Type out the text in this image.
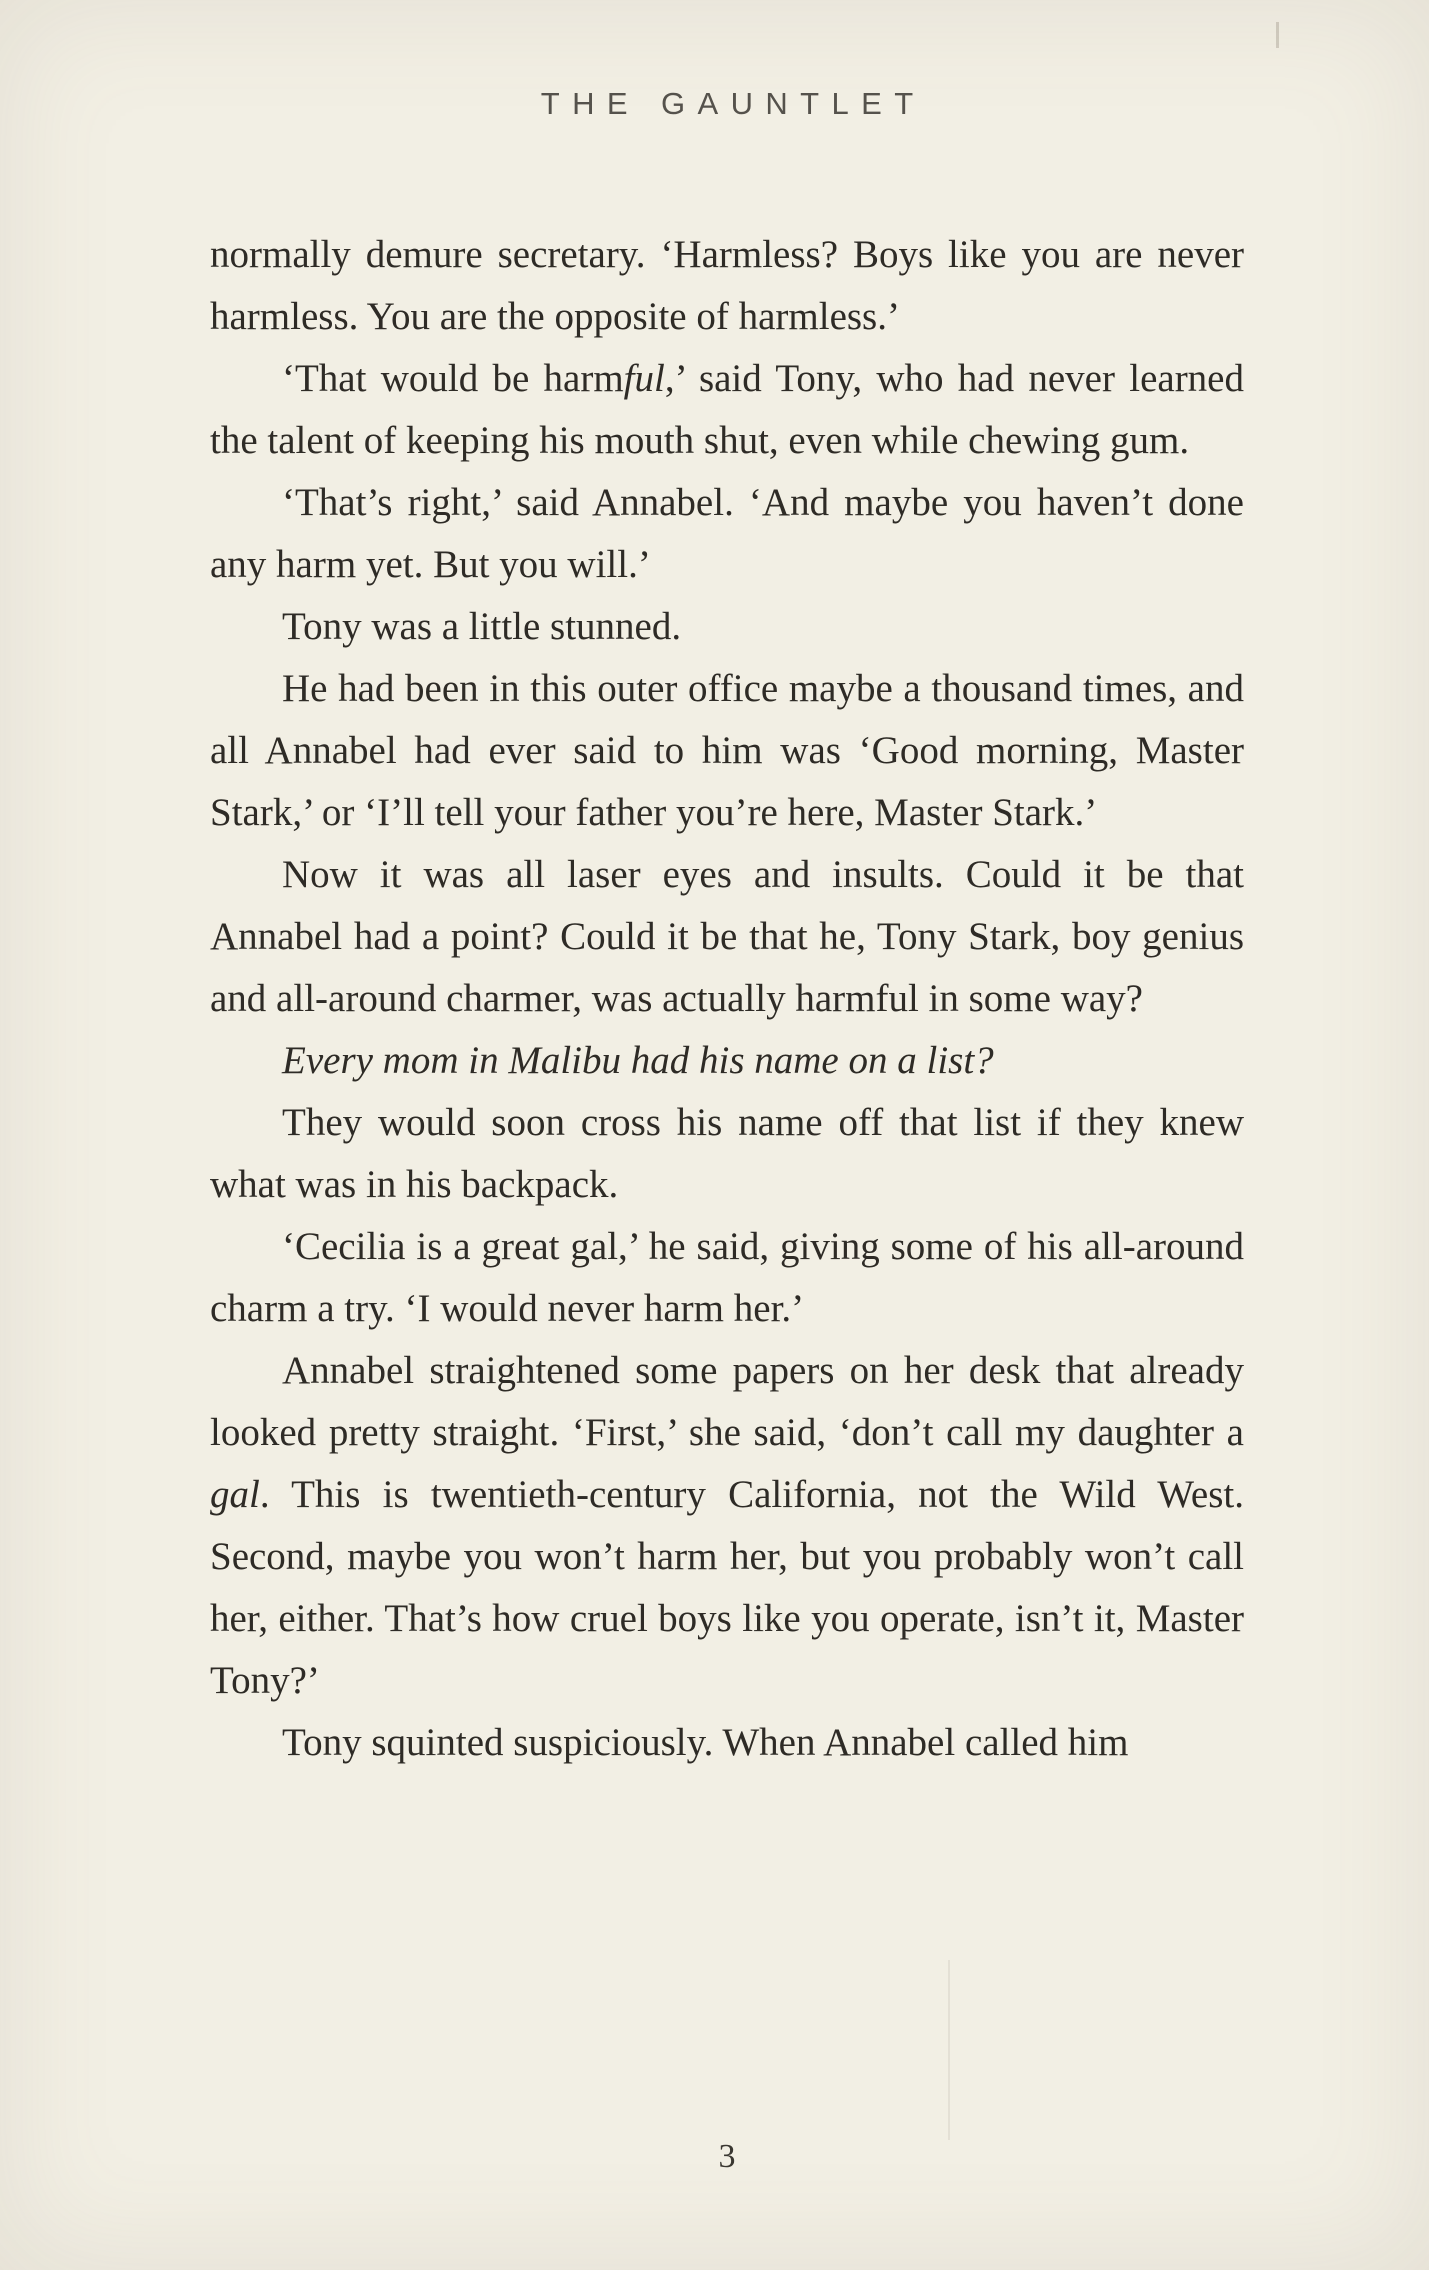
THE GAUNTLET

normally demure secretary. ‘Harmless? Boys like you are never harmless. You are the opposite of harmless.’

‘That would be harmful,’ said Tony, who had never learned the talent of keeping his mouth shut, even while chewing gum.

‘That’s right,’ said Annabel. ‘And maybe you haven’t done any harm yet. But you will.’

Tony was a little stunned.

He had been in this outer office maybe a thousand times, and all Annabel had ever said to him was ‘Good morning, Master Stark,’ or ‘I’ll tell your father you’re here, Master Stark.’

Now it was all laser eyes and insults. Could it be that Annabel had a point? Could it be that he, Tony Stark, boy genius and all-around charmer, was actually harmful in some way?

Every mom in Malibu had his name on a list?

They would soon cross his name off that list if they knew what was in his backpack.

‘Cecilia is a great gal,’ he said, giving some of his all-around charm a try. ‘I would never harm her.’

Annabel straightened some papers on her desk that already looked pretty straight. ‘First,’ she said, ‘don’t call my daughter a gal. This is twentieth-century California, not the Wild West. Second, maybe you won’t harm her, but you probably won’t call her, either. That’s how cruel boys like you operate, isn’t it, Master Tony?’

Tony squinted suspiciously. When Annabel called him

3
